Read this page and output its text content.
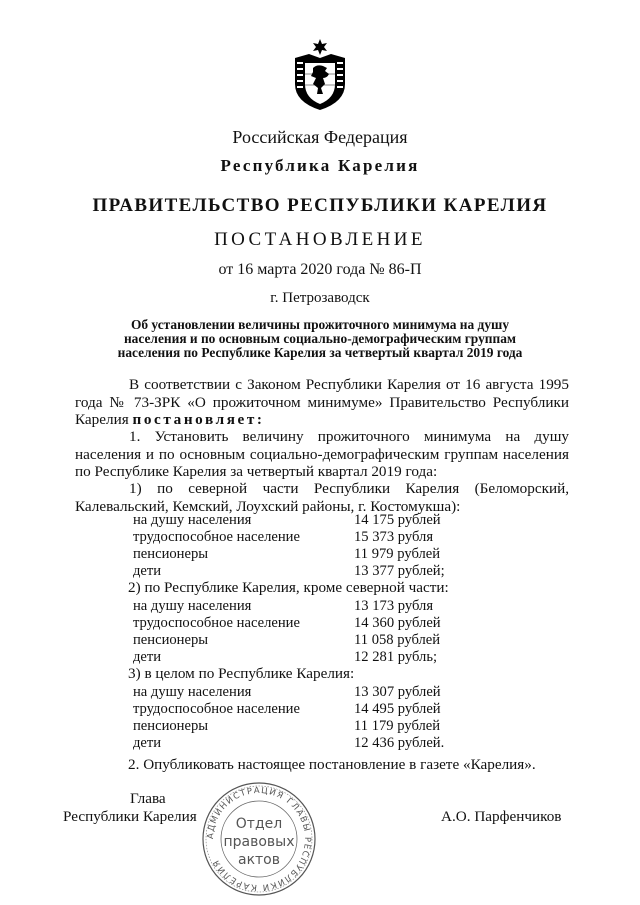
Российская Федерация
Республика Карелия
ПРАВИТЕЛЬСТВО РЕСПУБЛИКИ КАРЕЛИЯ
ПОСТАНОВЛЕНИЕ
от 16 марта 2020 года № 86-П
г. Петрозаводск
Об установлении величины прожиточного минимума на душу
населения и по основным социально-демографическим группам
населения по Республике Карелия за четвертый квартал 2019 года
В соответствии с Законом Республики Карелия от 16 августа 1995 года № 73-ЗРК «О прожиточном минимуме» Правительство Республики Карелия постановляет:
1. Установить величину прожиточного минимума на душу населения и по основным социально-демографическим группам населения по Республике Карелия за четвертый квартал 2019 года:
1) по северной части Республики Карелия (Беломорский, Калевальский, Кемский, Лоухский районы, г. Костомукша):
на душу населения	14 175 рублей
трудоспособное население	15 373 рубля
пенсионеры	11 979 рублей
дети	13 377 рублей;
2) по Республике Карелия, кроме северной части:
на душу населения	13 173 рубля
трудоспособное население	14 360 рублей
пенсионеры	11 058 рублей
дети	12 281 рубль;
3) в целом по Республике Карелия:
на душу населения	13 307 рублей
трудоспособное население	14 495 рублей
пенсионеры	11 179 рублей
дети	12 436 рублей.
2. Опубликовать настоящее постановление в газете «Карелия».
Глава
Республики Карелия	А.О. Парфенчиков
АДМИНИСТРАЦИЯ ГЛАВЫ РЕСПУБЛИКИ КАРЕЛИЯ
Отдел
правовых
актов
